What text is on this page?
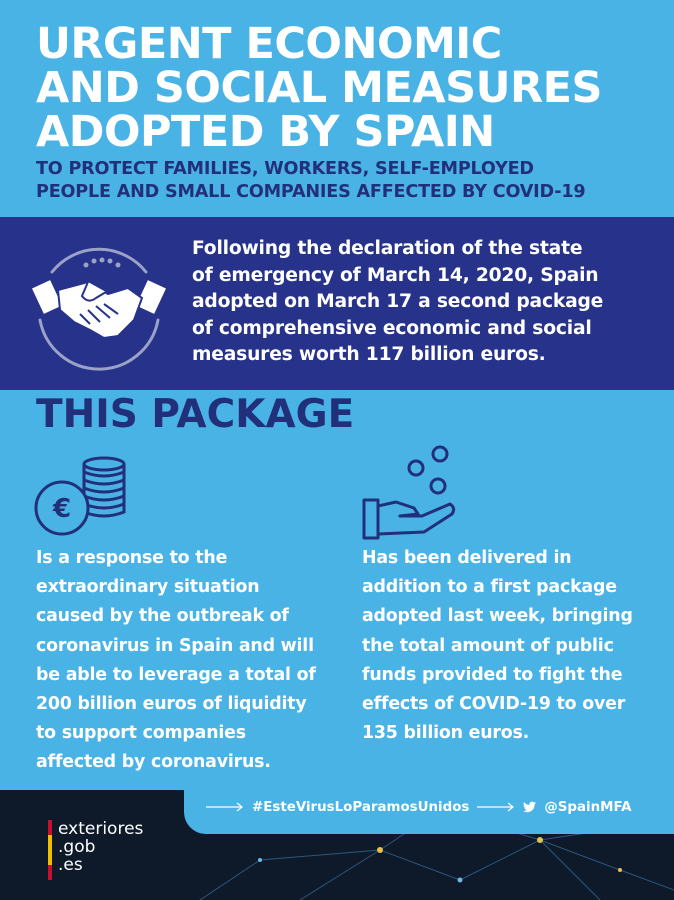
URGENT ECONOMIC
AND SOCIAL MEASURES
ADOPTED BY SPAIN
TO PROTECT FAMILIES, WORKERS, SELF-EMPLOYED
PEOPLE AND SMALL COMPANIES AFFECTED BY COVID-19
Following the declaration of the state
of emergency of March 14, 2020, Spain
adopted on March 17 a second package
of comprehensive economic and social
measures worth 117 billion euros.
THIS PACKAGE
€
Is a response to the
extraordinary situation
caused by the outbreak of
coronavirus in Spain and will
be able to leverage a total of
200 billion euros of liquidity
to support companies
affected by coronavirus.
Has been delivered in
addition to a first package
adopted last week, bringing
the total amount of public
funds provided to fight the
effects of COVID-19 to over
135 billion euros.
#EsteVirusLoParamosUnidos	@SpainMFA
exteriores
.gob
.es
